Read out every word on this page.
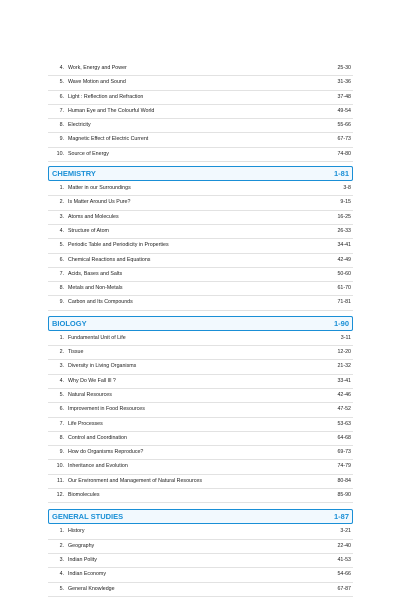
4. Work, Energy and Power	25-30
5. Wave Motion and Sound	31-36
6. Light : Reflection and Refraction	37-48
7. Human Eye and The Colourful World	49-54
8. Electricity	55-66
9. Magnetic Effect of Electric Current	67-73
10. Source of Energy	74-80
CHEMISTRY	1-81
1. Matter in our Surroundings	3-8
2. Is Matter Around Us Pure?	9-15
3. Atoms and Molecules	16-25
4. Structure of Atom	26-33
5. Periodic Table and Periodicity in Properties	34-41
6. Chemical Reactions and Equations	42-49
7. Acids, Bases and Salts	50-60
8. Metals and Non-Metals	61-70
9. Carbon and Its Compounds	71-81
BIOLOGY	1-90
1. Fundamental Unit of Life	3-11
2. Tissue	12-20
3. Diversity in Living Organisms	21-32
4. Why Do We Fall Ill ?	33-41
5. Natural Resources	42-46
6. Improvement in Food Resources	47-52
7. Life Processes	53-63
8. Control and Coordination	64-68
9. How do Organisms Reproduce?	69-73
10. Inheritance and Evolution	74-79
11. Our Environment and Management of Natural Resources	80-84
12. Biomolecules	85-90
GENERAL STUDIES	1-87
1. History	3-21
2. Geography	22-40
3. Indian Polity	41-53
4. Indian Economy	54-66
5. General Knowledge	67-87
